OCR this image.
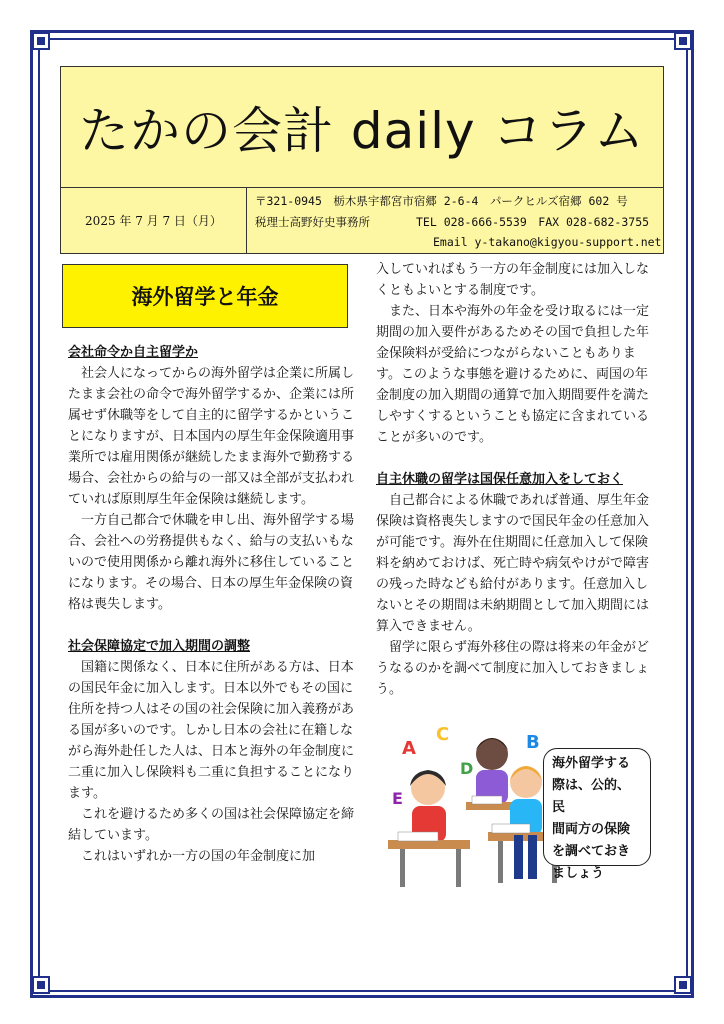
たかの会計 daily コラム
2025 年 7 月 7 日（月）
〒321-0945　栃木県宇都宮市宿郷 2-6-4　パークヒルズ宿郷 602 号
税理士高野好史事務所　　　　TEL 028-666-5539　FAX 028-682-3755
Email y-takano@kigyou-support.net
海外留学と年金
会社命令か自主留学か

社会人になってからの海外留学は企業に所属したまま会社の命令で海外留学するか、企業には所属せず休職等をして自主的に留学するかということになりますが、日本国内の厚生年金保険適用事業所では雇用関係が継続したまま海外で勤務する場合、会社からの給与の一部又は全部が支払われていれば原則厚生年金保険は継続します。

一方自己都合で休職を申し出、海外留学する場合、会社への労務提供もなく、給与の支払いもないので使用関係から離れ海外に移住していることになります。その場合、日本の厚生年金保険の資格は喪失します。

社会保障協定で加入期間の調整

国籍に関係なく、日本に住所がある方は、日本の国民年金に加入します。日本以外でもその国に住所を持つ人はその国の社会保険に加入義務がある国が多いのです。しかし日本の会社に在籍しながら海外赴任した人は、日本と海外の年金制度に二重に加入し保険料も二重に負担することになります。

これを避けるため多くの国は社会保障協定を締結しています。

これはいずれか一方の国の年金制度に加

入していればもう一方の年金制度には加入しなくともよいとする制度です。

また、日本や海外の年金を受け取るには一定期間の加入要件があるためその国で負担した年金保険料が受給につながらないこともあります。このような事態を避けるために、両国の年金制度の加入期間の通算で加入期間要件を満たしやすくするということも協定に含まれていることが多いのです。

自主休職の留学は国保任意加入をしておく

自己都合による休職であれば普通、厚生年金保険は資格喪失しますので国民年金の任意加入が可能です。海外在住期間に任意加入して保険料を納めておけば、死亡時や病気やけがで障害の残った時なども給付があります。任意加入しないとその期間は未納期間として加入期間には算入できません。

留学に限らず海外移住の際は将来の年金がどうなるのかを調べて制度に加入しておきましょう。

A
C	B
D
E
海外留学する
際は、公的、民
間両方の保険
を調べておき
ましょう
